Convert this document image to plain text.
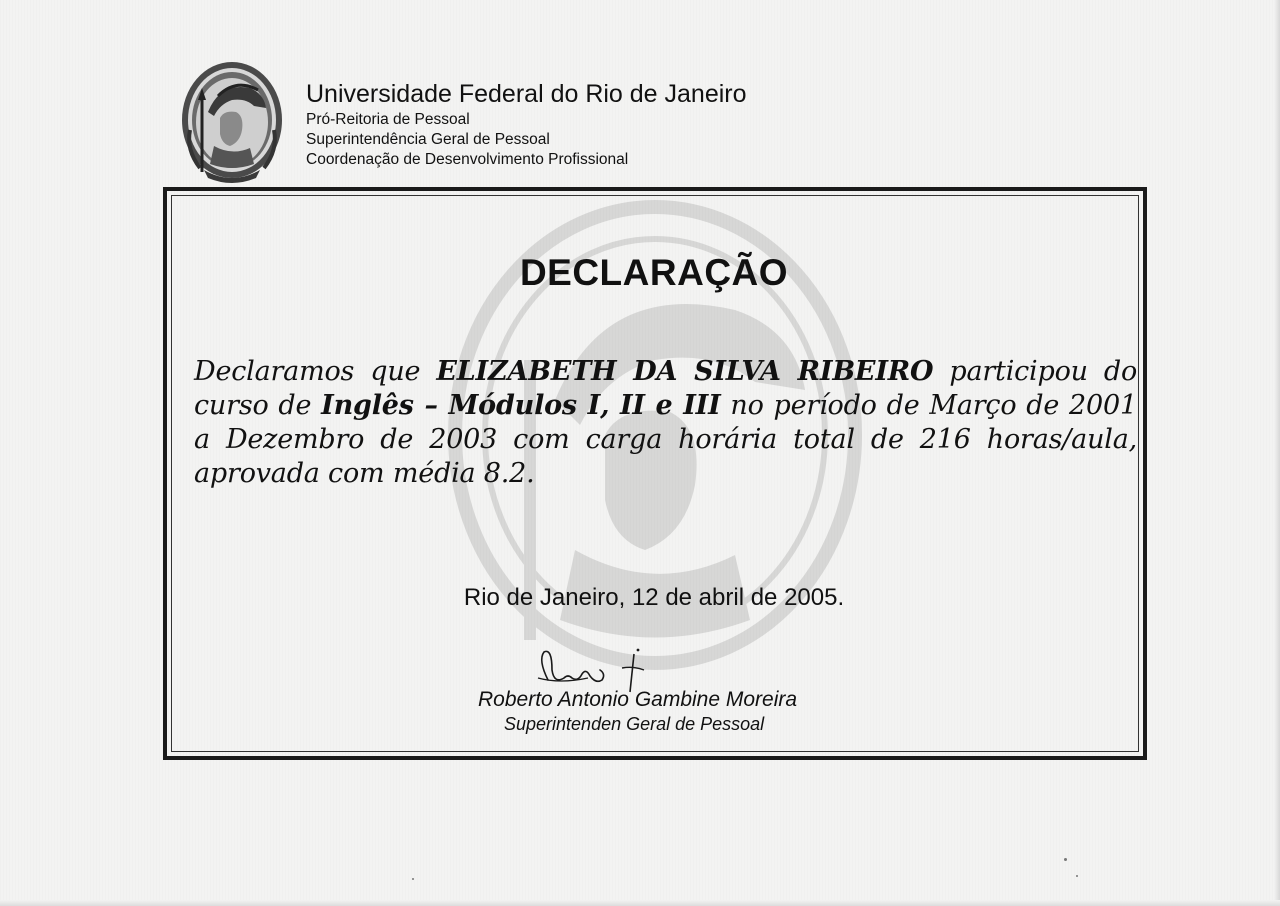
Universidade Federal do Rio de Janeiro
Pró-Reitoria de Pessoal
Superintendência Geral de Pessoal
Coordenação de Desenvolvimento Profissional
DECLARAÇÃO
Declaramos que ELIZABETH DA SILVA RIBEIRO participou do curso de Inglês – Módulos I, II e III no período de Março de 2001 a Dezembro de 2003 com carga horária total de 216 horas/aula, aprovada com média 8.2.
Rio de Janeiro, 12 de abril de 2005.
Roberto Antonio Gambine Moreira
Superintenden Geral de Pessoal
